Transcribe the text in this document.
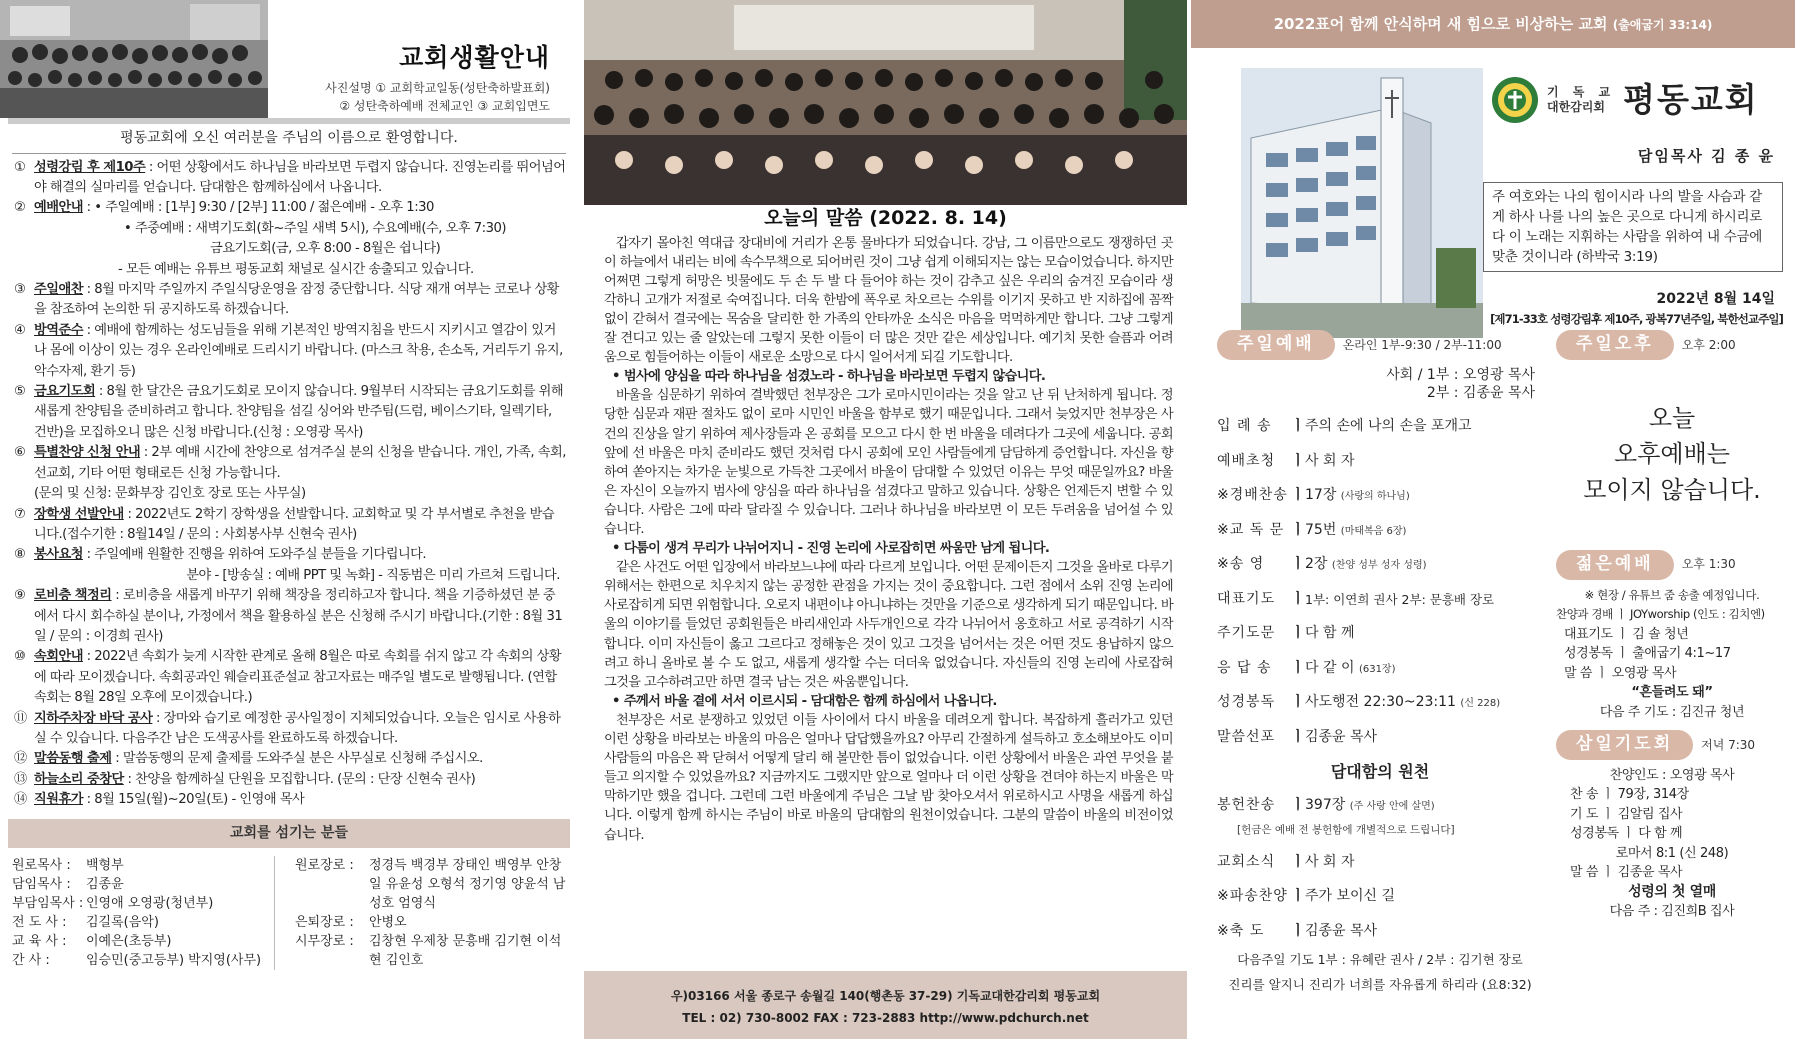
교회생활안내
사진설명 ① 교회학교일동(성탄축하발표회)
② 성탄축하예배 전체교인 ③ 교회입면도
평동교회에 오신 여러분을 주님의 이름으로 환영합니다.
① 성령강림 후 제10주 : 어떤 상황에서도 하나님을 바라보면 두렵지 않습니다. 진영논리를 뛰어넘어야 해결의 실마리를 얻습니다. 담대함은 함께하심에서 나옵니다.
② 예배안내 : • 주일예배 : [1부] 9:30 / [2부] 11:00 / 젊은예배 - 오후 1:30
• 주중예배 : 새벽기도회(화~주일 새벽 5시), 수요예배(수, 오후 7:30)
금요기도회(금, 오후 8:00 - 8월은 쉽니다)
- 모든 예배는 유튜브 평동교회 채널로 실시간 송출되고 있습니다.
③ 주일애찬 : 8월 마지막 주일까지 주일식당운영을 잠정 중단합니다. 식당 재개 여부는 코로나 상황을 참조하여 논의한 뒤 공지하도록 하겠습니다.
④ 방역준수 : 예배에 함께하는 성도님들을 위해 기본적인 방역지침을 반드시 지키시고 열감이 있거나 몸에 이상이 있는 경우 온라인예배로 드리시기 바랍니다. (마스크 착용, 손소독, 거리두기 유지, 악수자제, 환기 등)
⑤ 금요기도회 : 8월 한 달간은 금요기도회로 모이지 않습니다. 9월부터 시작되는 금요기도회를 위해 새롭게 찬양팀을 준비하려고 합니다. 찬양팀을 섬길 싱어와 반주팀(드럼, 베이스기타, 일렉기타, 건반)을 모집하오니 많은 신청 바랍니다.(신청 : 오영광 목사)
⑥ 특별찬양 신청 안내 : 2부 예배 시간에 찬양으로 섬겨주실 분의 신청을 받습니다. 개인, 가족, 속회, 선교회, 기타 어떤 형태로든 신청 가능합니다.
(문의 및 신청: 문화부장 김인호 장로 또는 사무실)
⑦ 장학생 선발안내 : 2022년도 2학기 장학생을 선발합니다. 교회학교 및 각 부서별로 추천을 받습니다.(접수기한 : 8월14일 / 문의 : 사회봉사부 신현숙 권사)
⑧ 봉사요청 : 주일예배 원활한 진행을 위하여 도와주실 분들을 기다립니다.
분야 - [방송실 : 예배 PPT 및 녹화] - 직동범은 미리 가르쳐 드립니다.
⑨ 로비층 책정리 : 로비층을 새롭게 바꾸기 위해 책장을 정리하고자 합니다. 책을 기증하셨던 분 중에서 다시 회수하실 분이나, 가정에서 책을 활용하실 분은 신청해 주시기 바랍니다.(기한 : 8월 31일 / 문의 : 이경희 권사)
⑩ 속회안내 : 2022년 속회가 늦게 시작한 관계로 올해 8월은 따로 속회를 쉬지 않고 각 속회의 상황에 따라 모이겠습니다. 속회공과인 웨슬리표준설교 참고자료는 매주일 별도로 발행됩니다. (연합속회는 8월 28일 오후에 모이겠습니다.)
⑪ 지하주차장 바닥 공사 : 장마와 습기로 예정한 공사일정이 지체되었습니다. 오늘은 임시로 사용하실 수 있습니다. 다음주간 남은 도색공사를 완료하도록 하겠습니다.
⑫ 말씀동행 출제 : 말씀동행의 문제 출제를 도와주실 분은 사무실로 신청해 주십시오.
⑬ 하늘소리 중창단 : 찬양을 함께하실 단원을 모집합니다. (문의 : 단장 신현숙 권사)
⑭ 직원휴가 : 8월 15일(월)~20일(토) - 인영애 목사
교회를 섬기는 분들
원로목사 :	백형부
담임목사 :	김종윤
부담임목사 : 인영애 오영광(청년부)
전 도 사 :	김길록(음악)
교 육 사 :	이예은(초등부)
간 사 :	임승민(중고등부) 박지영(사무)
원로장로 :	정경득 백경부 장태인 백영부 안창일 유윤성 오형석 정기영 양윤석 남성호 엄영식
은퇴장로 :	안병오
시무장로 :	김창현 우제창 문흥배 김기현 이석현 김인호
오늘의 말씀 (2022. 8. 14)

갑자기 몰아친 역대급 장대비에 거리가 온통 물바다가 되었습니다. 강남, 그 이름만으로도 쟁쟁하던 곳이 하늘에서 내리는 비에 속수무책으로 되어버린 것이 그냥 쉽게 이해되지는 않는 모습이었습니다. 하지만 어쩌면 그렇게 허망은 빗물에도 두 손 두 발 다 들어야 하는 것이 감추고 싶은 우리의 숨겨진 모습이라 생각하니 고개가 저절로 숙여집니다. 더욱 한밤에 폭우로 차오르는 수위를 이기지 못하고 반 지하집에 꼼짝없이 갇혀서 결국에는 목숨을 달리한 한 가족의 안타까운 소식은 마음을 먹먹하게만 합니다. 그냥 그렇게 잘 견디고 있는 줄 알았는데 그렇지 못한 이들이 더 많은 것만 같은 세상입니다. 예기치 못한 슬픔과 어려움으로 힘들어하는 이들이 새로운 소망으로 다시 일어서게 되길 기도합니다.

• 범사에 양심을 따라 하나님을 섬겼노라 - 하나님을 바라보면 두렵지 않습니다.

바울을 심문하기 위하여 결박했던 천부장은 그가 로마시민이라는 것을 알고 난 뒤 난처하게 됩니다. 정당한 심문과 재판 절차도 없이 로마 시민인 바울을 함부로 했기 때문입니다. 그래서 늦었지만 천부장은 사건의 진상을 알기 위하여 제사장들과 온 공회를 모으고 다시 한 번 바울을 데려다가 그곳에 세웁니다. 공회 앞에 선 바울은 마치 준비라도 했던 것처럼 다시 공회에 모인 사람들에게 담담하게 증언합니다. 자신을 향하여 쏟아지는 차가운 눈빛으로 가득찬 그곳에서 바울이 담대할 수 있었던 이유는 무엇 때문일까요? 바울은 자신이 오늘까지 범사에 양심을 따라 하나님을 섬겼다고 말하고 있습니다. 상황은 언제든지 변할 수 있습니다. 사람은 그에 따라 달라질 수 있습니다. 그러나 하나님을 바라보면 이 모든 두려움을 넘어설 수 있습니다.

• 다툼이 생겨 무리가 나뉘어지니 - 진영 논리에 사로잡히면 싸움만 남게 됩니다.

같은 사건도 어떤 입장에서 바라보느냐에 따라 다르게 보입니다. 어떤 문제이든지 그것을 올바로 다루기 위해서는 한편으로 치우치지 않는 공정한 관점을 가지는 것이 중요합니다. 그런 점에서 소위 진영 논리에 사로잡히게 되면 위험합니다. 오로지 내편이냐 아니냐하는 것만을 기준으로 생각하게 되기 때문입니다. 바울의 이야기를 들었던 공회원들은 바리새인과 사두개인으로 각각 나뉘어서 옹호하고 서로 공격하기 시작합니다. 이미 자신들이 옳고 그르다고 정해놓은 것이 있고 그것을 넘어서는 것은 어떤 것도 용납하지 않으려고 하니 올바로 볼 수 도 없고, 새롭게 생각할 수는 더더욱 없었습니다. 자신들의 진영 논리에 사로잡혀 그것을 고수하려고만 하면 결국 남는 것은 싸움뿐입니다.

• 주께서 바울 곁에 서서 이르시되 - 담대함은 함께 하심에서 나옵니다.

천부장은 서로 분쟁하고 있었던 이들 사이에서 다시 바울을 데려오게 합니다. 복잡하게 흘러가고 있던 이런 상황을 바라보는 바울의 마음은 얼마나 답답했을까요? 아무리 간절하게 설득하고 호소해보아도 이미 사람들의 마음은 꽉 닫혀서 어떻게 달리 해 볼만한 틈이 없었습니다. 이런 상황에서 바울은 과연 무엇을 붙들고 의지할 수 있었을까요? 지금까지도 그랬지만 앞으로 얼마나 더 이런 상황을 견뎌야 하는지 바울은 막막하기만 했을 겁니다. 그런데 그런 바울에게 주님은 그날 밤 찾아오셔서 위로하시고 사명을 새롭게 하십니다. 이렇게 함께 하시는 주님이 바로 바울의 담대함의 원천이었습니다. 그분의 말씀이 바울의 비전이었습니다.

우)03166 서울 종로구 송월길 140(행촌동 37-29) 기독교대한감리회 평동교회
TEL : 02) 730-8002 FAX : 723-2883 http://www.pdchurch.net
2022표어 함께 안식하며 새 힘으로 비상하는 교회 (출애굽기 33:14)
기 독 교
대한감리회 평동교회
담임목사 김 종 윤
주 여호와는 나의 힘이시라 나의 발을 사슴과 같게 하사 나를 나의 높은 곳으로 다니게 하시리로다 이 노래는 지휘하는 사람을 위하여 내 수금에 맞춘 것이니라 (하박국 3:19)
2022년 8월 14일
[제71-33호 성령강림후 제10주, 광복77년주일, 북한선교주일]
주일예배	온라인 1부-9:30 / 2부-11:00
사회 / 1부 : 오영광 목사
2부 : 김종윤 목사
입 례 송	ㅣ 주의 손에 나의 손을 포개고
예배초청	ㅣ 사 회 자
※경배찬송 ㅣ 17장 (사랑의 하나님)
※교 독 문 ㅣ 75번 (마태복음 6장)
※송 영	ㅣ 2장 (찬양 성부 성자 성령)
대표기도	ㅣ 1부: 이연희 권사 2부: 문흥배 장로
주기도문	ㅣ 다 함 께
응 답 송	ㅣ 다 같 이 (631장)
성경봉독	ㅣ 사도행전 22:30~23:11 (신 228)
말씀선포	ㅣ 김종윤 목사
담대함의 원천
봉헌찬송	ㅣ 397장 (주 사랑 안에 살면)
[헌금은 예배 전 봉헌함에 개별적으로 드립니다]
교회소식	ㅣ 사 회 자
※파송찬양 ㅣ 주가 보이신 길
※축 도	ㅣ 김종윤 목사
다음주일 기도 1부 : 유혜란 권사 / 2부 : 김기현 장로
진리를 알지니 진리가 너희를 자유롭게 하리라 (요8:32)
주일오후	오후 2:00
오늘
오후예배는
모이지 않습니다.
젊은예배	오후 1:30
※ 현장 / 유튜브 줌 송출 예정입니다.
찬양과 경배 ㅣ JOYworship (인도 : 김치엔)
대표기도 ㅣ 김 솔 청년
성경봉독 ㅣ 출애굽기 4:1~17
말 씀 ㅣ 오영광 목사
“흔들려도 돼”
다음 주 기도 : 김진규 청년
삼일기도회	저녁 7:30
찬양인도 : 오영광 목사
찬 송 ㅣ 79장, 314장
기 도 ㅣ 김알림 집사
성경봉독 ㅣ 다 함 께
로마서 8:1 (신 248)
말 씀 ㅣ 김종윤 목사
성령의 첫 열매
다음 주 : 김진희B 집사
